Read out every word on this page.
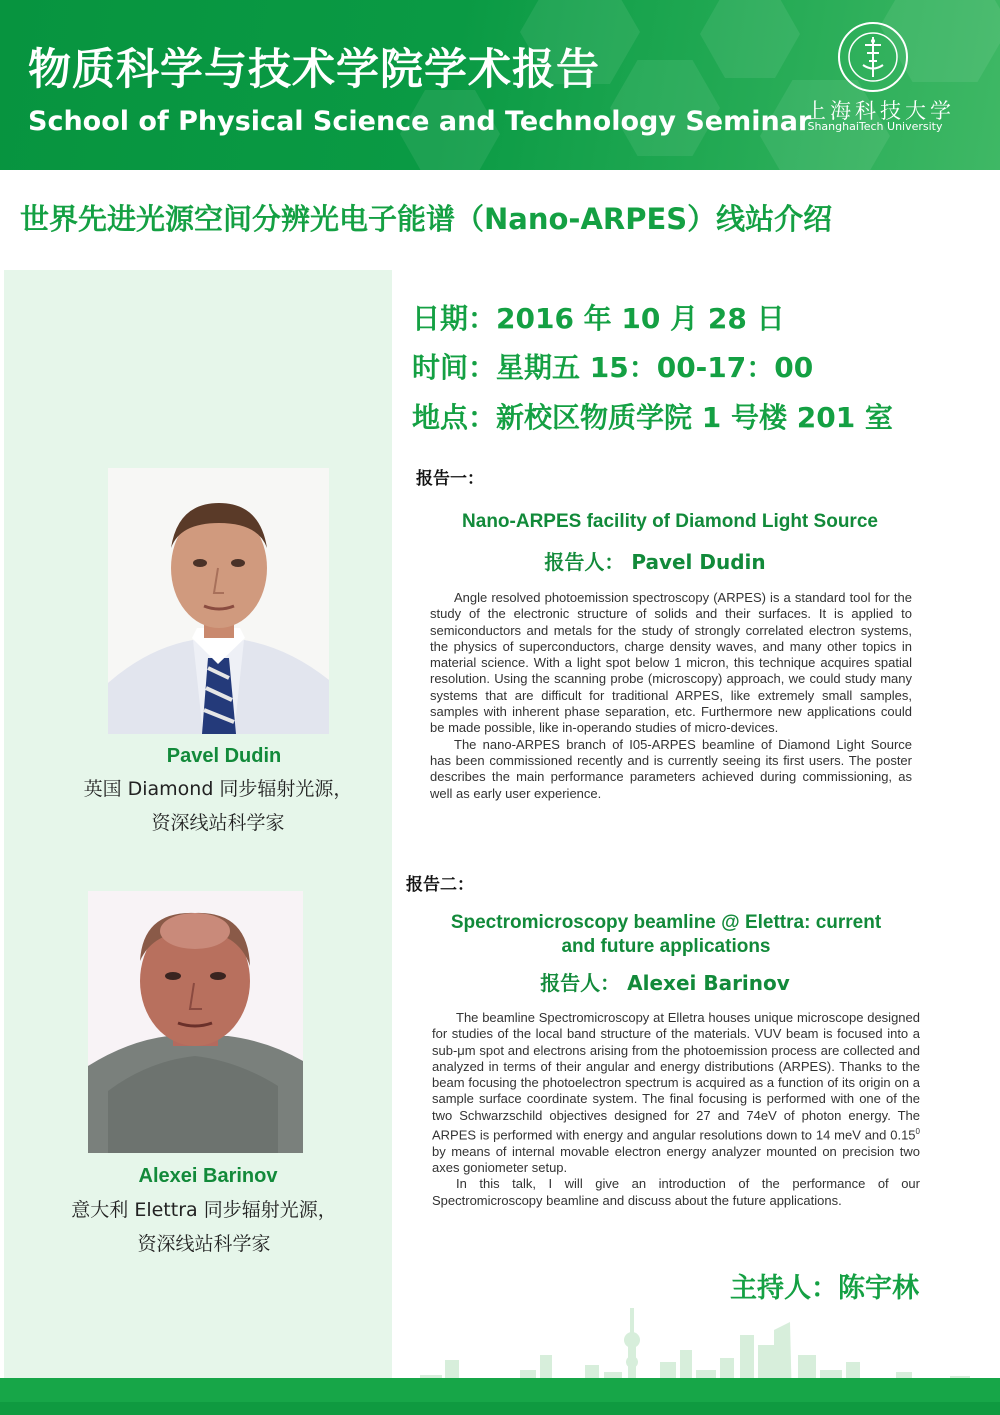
物质科学与技术学院学术报告
School of Physical Science and Technology Seminar
上海科技大学
ShanghaiTech University
世界先进光源空间分辨光电子能谱（Nano-ARPES）线站介绍
Pavel Dudin
英国 Diamond 同步辐射光源，
资深线站科学家
Alexei Barinov
意大利 Elettra 同步辐射光源，
资深线站科学家
日期：2016 年 10 月 28 日
时间：星期五 15：00-17：00
地点：新校区物质学院 1 号楼 201 室
报告一：
Nano-ARPES facility of Diamond Light Source
报告人： Pavel Dudin

Angle resolved photoemission spectroscopy (ARPES) is a standard tool for the study of the electronic structure of solids and their surfaces. It is applied to semiconductors and metals for the study of strongly correlated electron systems, the physics of superconductors, charge density waves, and many other topics in material science. With a light spot below 1 micron, this technique acquires spatial resolution. Using the scanning probe (microscopy) approach, we could study many systems that are difficult for traditional ARPES, like extremely small samples, samples with inherent phase separation, etc. Furthermore new applications could be made possible, like in-operando studies of micro-devices.

The nano-ARPES branch of I05-ARPES beamline of Diamond Light Source has been commissioned recently and is currently seeing its first users. The poster describes the main performance parameters achieved during commissioning, as well as early user experience.

报告二：
Spectromicroscopy beamline @ Elettra: current
and future applications
报告人： Alexei Barinov

The beamline Spectromicroscopy at Elletra houses unique microscope designed for studies of the local band structure of the materials. VUV beam is focused into a sub-μm spot and electrons arising from the photoemission process are collected and analyzed in terms of their angular and energy distributions (ARPES). Thanks to the beam focusing the photoelectron spectrum is acquired as a function of its origin on a sample surface coordinate system. The final focusing is performed with one of the two Schwarzschild objectives designed for 27 and 74eV of photon energy. The ARPES is performed with energy and angular resolutions down to 14 meV and 0.15$^0$ by means of internal movable electron energy analyzer mounted on precision two axes goniometer setup.

In this talk, I will give an introduction of the performance of our Spectromicroscopy beamline and discuss about the future applications.

主持人：陈宇林
